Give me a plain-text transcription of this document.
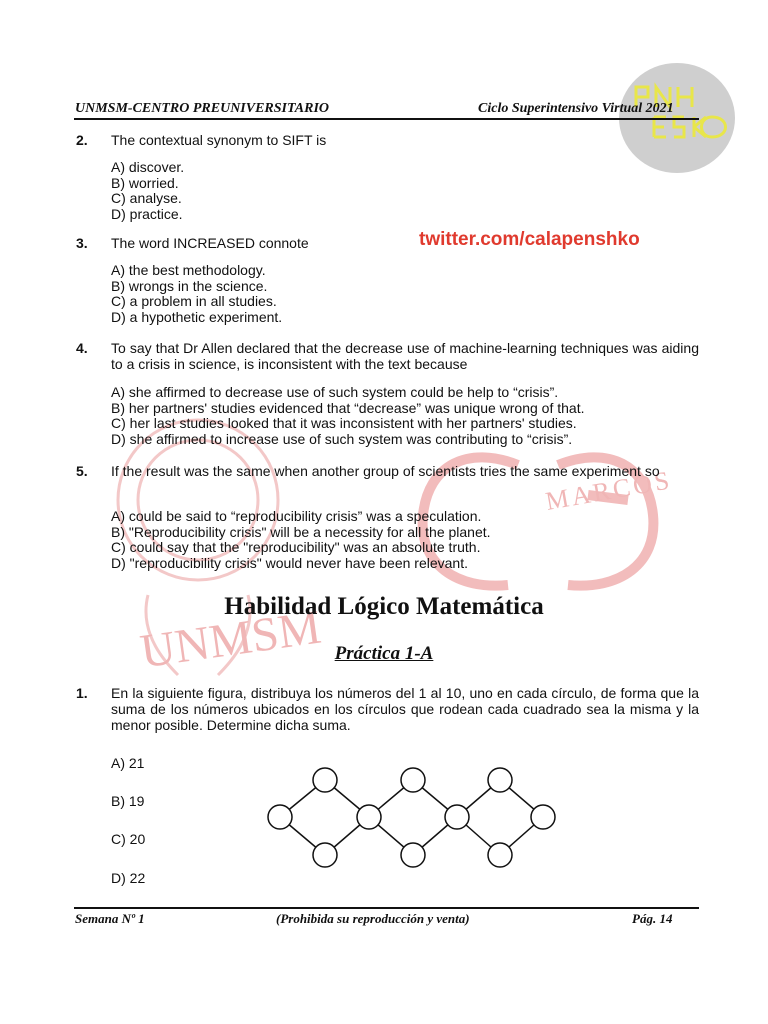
UNMSM
MARCOS
UNMSM-CENTRO PREUNIVERSITARIO	Ciclo Superintensivo Virtual 2021
2. The contextual synonym to SIFT is
A) discover.
B) worried.
C) analyse.
D) practice.
3. The word INCREASED connote	twitter.com/calapenshko
A) the best methodology.
B) wrongs in the science.
C) a problem in all studies.
D) a hypothetic experiment.
4. To say that Dr Allen declared that the decrease use of machine-learning techniques was aiding to a crisis in science, is inconsistent with the text because
A) she affirmed to decrease use of such system could be help to “crisis”.
B) her partners' studies evidenced that “decrease” was unique wrong of that.
C) her last studies looked that it was inconsistent with her partners' studies.
D) she affirmed to increase use of such system was contributing to “crisis”.
5. If the result was the same when another group of scientists tries the same experiment so
A) could be said to “reproducibility crisis” was a speculation.
B) "Reproducibility crisis" will be a necessity for all the planet.
C) could say that the "reproducibility" was an absolute truth.
D) "reproducibility crisis" would never have been relevant.
Habilidad Lógico Matemática
Práctica 1-A
1. En la siguiente figura, distribuya los números del 1 al 10, uno en cada círculo, de forma que la suma de los números ubicados en los círculos que rodean cada cuadrado sea la misma y la menor posible. Determine dicha suma.
A) 21
B) 19
C) 20
D) 22
Semana Nº 1	(Prohibida su reproducción y venta)	Pág. 14
